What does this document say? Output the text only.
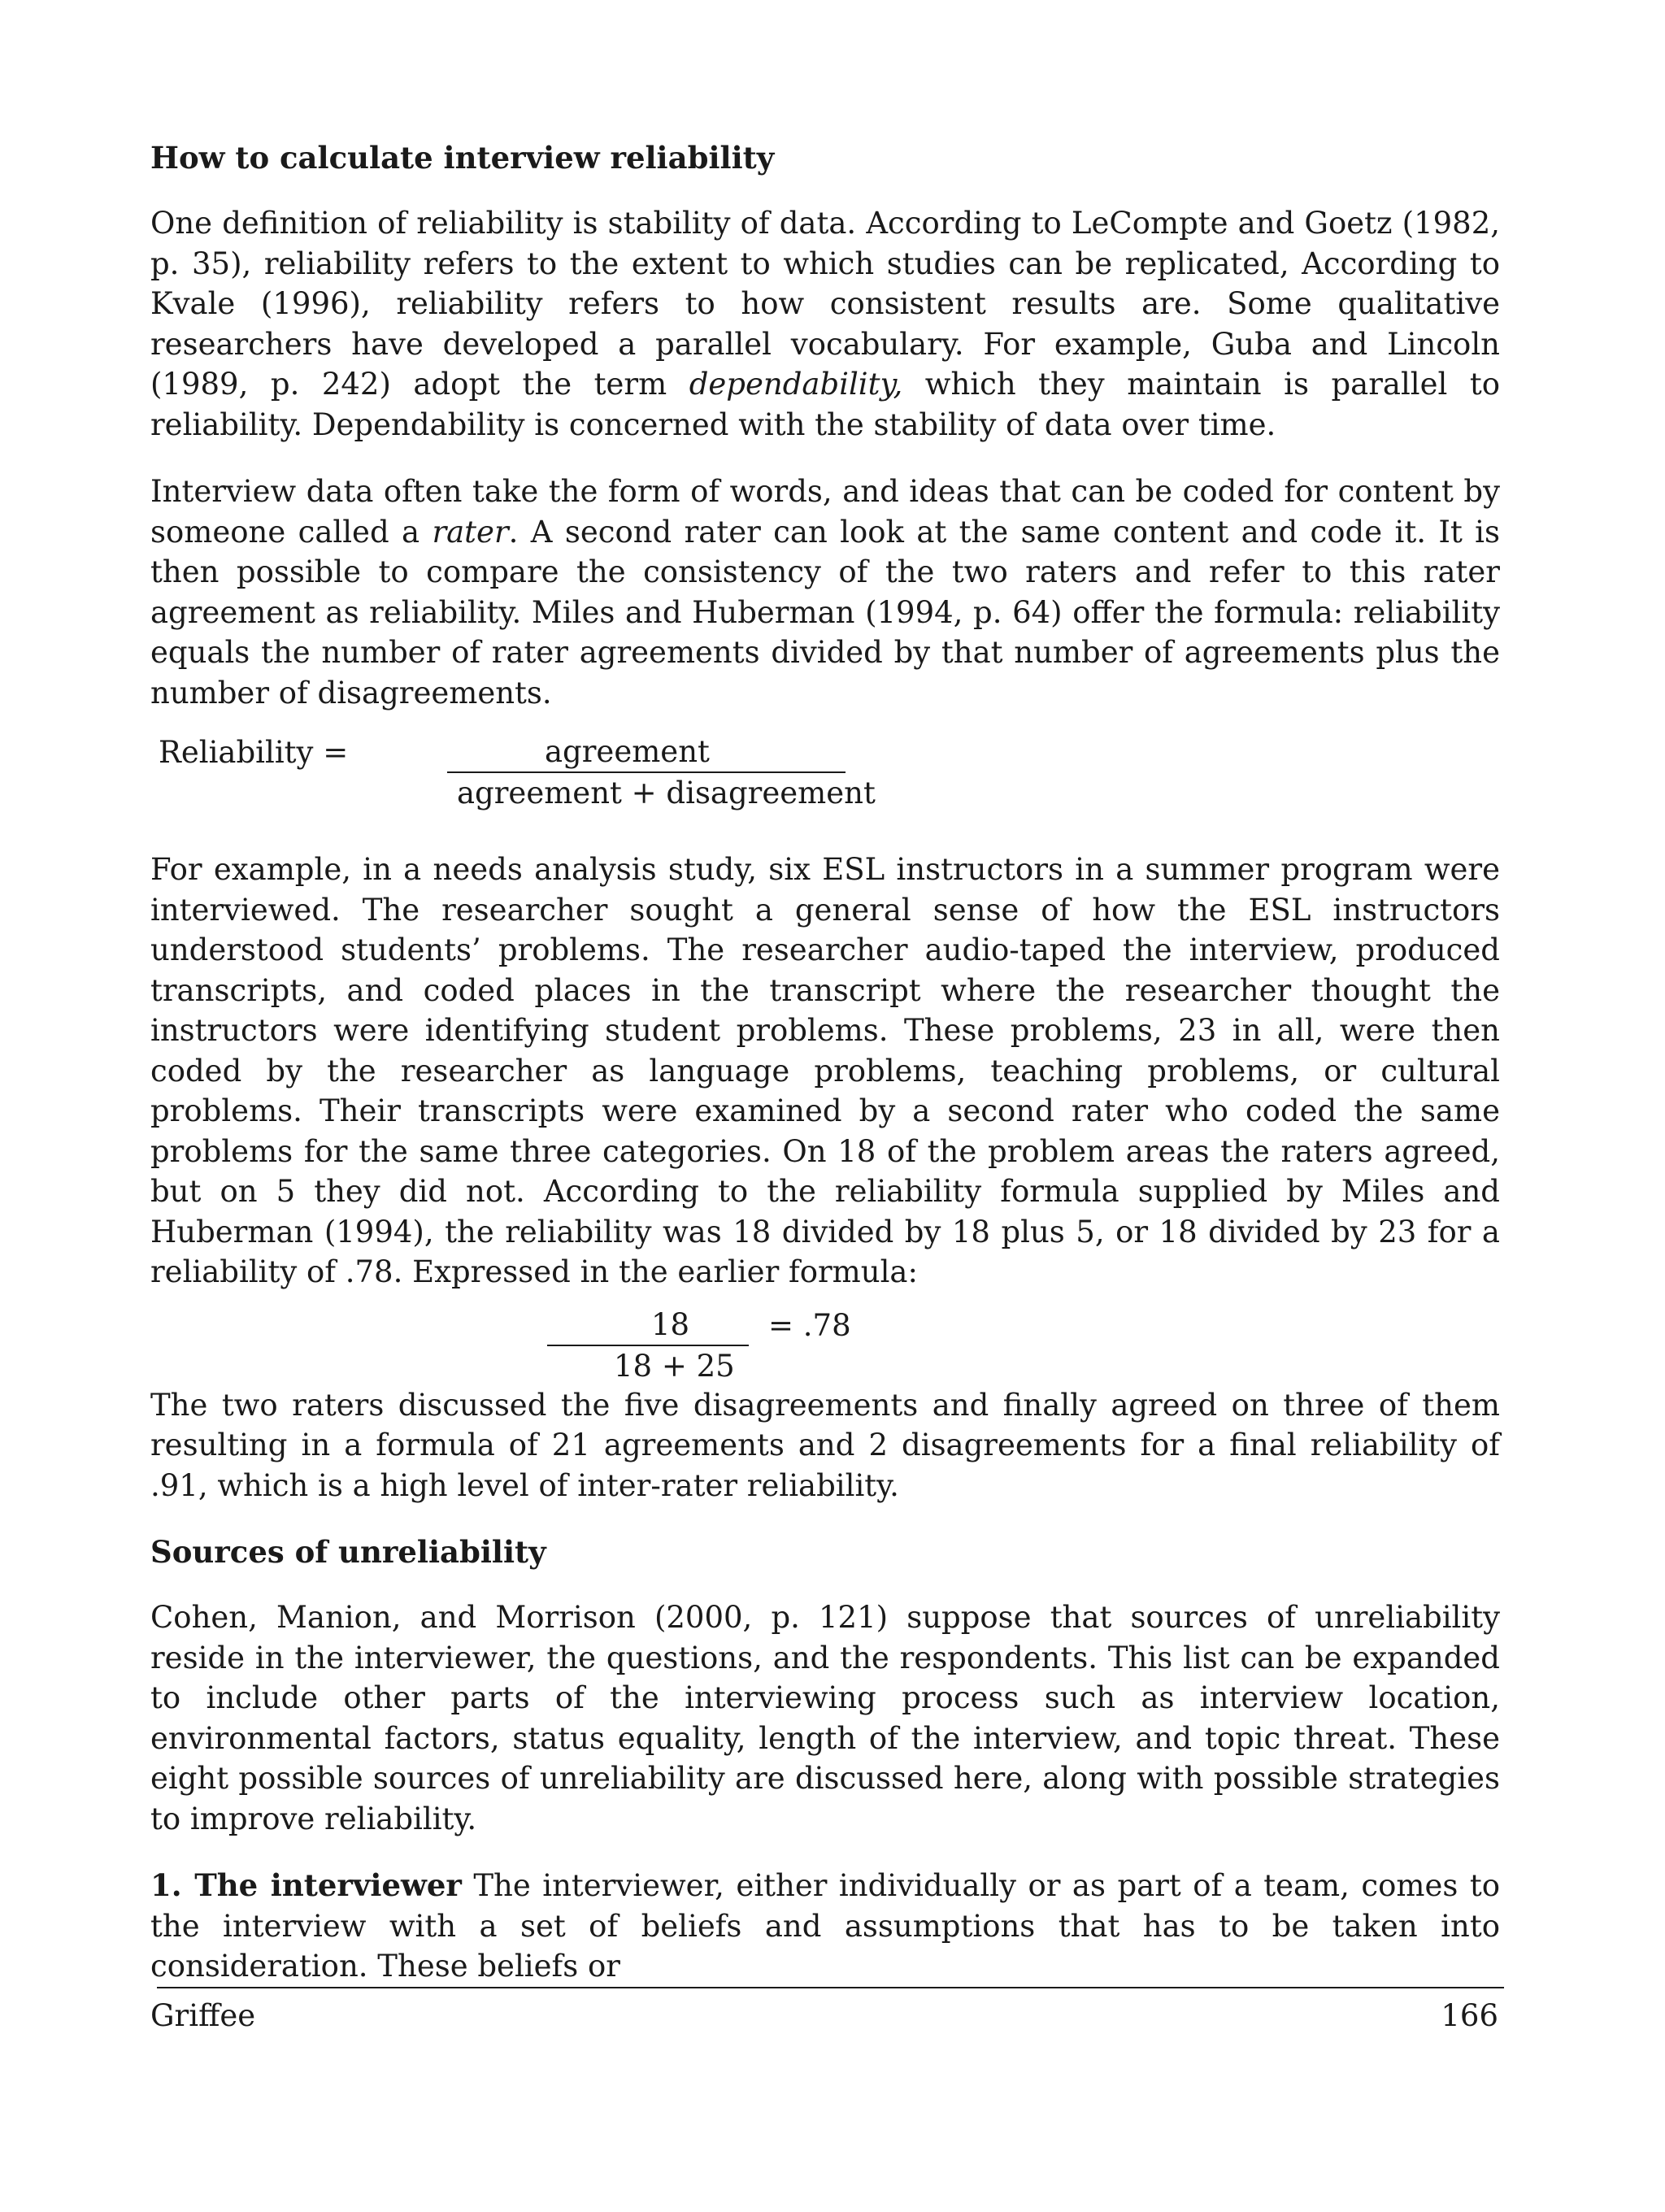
How to calculate interview reliability

One definition of reliability is stability of data. According to LeCompte and Goetz (1982, p. 35), reliability refers to the extent to which studies can be replicated, According to Kvale (1996), reliability refers to how consistent results are. Some qualitative researchers have developed a parallel vocabulary. For example, Guba and Lincoln (1989, p. 242) adopt the term dependability, which they maintain is parallel to reliability. Dependability is concerned with the stability of data over time.

Interview data often take the form of words, and ideas that can be coded for content by someone called a rater. A second rater can look at the same content and code it. It is then possible to compare the consistency of the two raters and refer to this rater agreement as reliability. Miles and Huberman (1994, p. 64) offer the formula: reliability equals the number of rater agreements divided by that number of agreements plus the number of disagreements.

Reliability =	agreement
agreement + disagreement

For example, in a needs analysis study, six ESL instructors in a summer program were interviewed. The researcher sought a general sense of how the ESL instructors understood students’ problems. The researcher audio-taped the interview, produced transcripts, and coded places in the transcript where the researcher thought the instructors were identifying student problems. These problems, 23 in all, were then coded by the researcher as language problems, teaching problems, or cultural problems. Their transcripts were examined by a second rater who coded the same problems for the same three categories. On 18 of the problem areas the raters agreed, but on 5 they did not. According to the reliability formula supplied by Miles and Huberman (1994), the reliability was 18 divided by 18 plus 5, or 18 divided by 23 for a reliability of .78. Expressed in the earlier formula:

18	= .78
18 + 25

The two raters discussed the five disagreements and finally agreed on three of them resulting in a formula of 21 agreements and 2 disagreements for a final reliability of .91, which is a high level of inter-rater reliability.

Sources of unreliability

Cohen, Manion, and Morrison (2000, p. 121) suppose that sources of unreliability reside in the interviewer, the questions, and the respondents. This list can be expanded to include other parts of the interviewing process such as interview location, environmental factors, status equality, length of the interview, and topic threat. These eight possible sources of unreliability are discussed here, along with possible strategies to improve reliability.

1. The interviewer The interviewer, either individually or as part of a team, comes to the interview with a set of beliefs and assumptions that has to be taken into consideration. These beliefs or

Griffee	166
